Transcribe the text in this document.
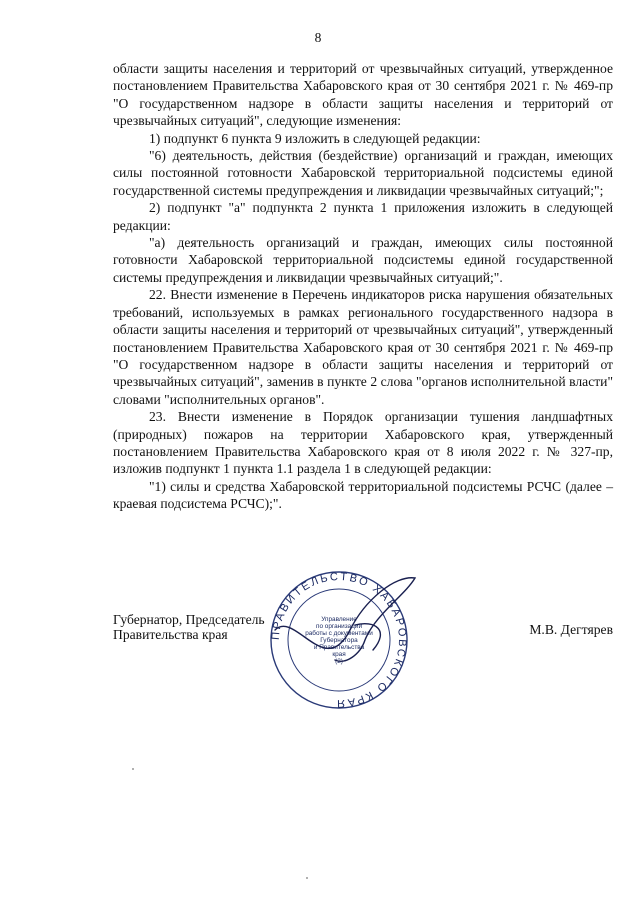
8

области защиты населения и территорий от чрезвычайных ситуаций, утвержденное постановлением Правительства Хабаровского края от 30 сентября 2021 г. № 469-пр "О государственном надзоре в области защиты населения и территорий от чрезвычайных ситуаций", следующие изменения:

1) подпункт 6 пункта 9 изложить в следующей редакции:

"6) деятельность, действия (бездействие) организаций и граждан, имеющих силы постоянной готовности Хабаровской территориальной подсистемы единой государственной системы предупреждения и ликвидации чрезвычайных ситуаций;";

2) подпункт "а" подпункта 2 пункта 1 приложения изложить в следующей редакции:

"а) деятельность организаций и граждан, имеющих силы постоянной готовности Хабаровской территориальной подсистемы единой государственной системы предупреждения и ликвидации чрезвычайных ситуаций;".

22. Внести изменение в Перечень индикаторов риска нарушения обязательных требований, используемых в рамках регионального государственного надзора в области защиты населения и территорий от чрезвычайных ситуаций", утвержденный постановлением Правительства Хабаровского края от 30 сентября 2021 г. № 469-пр "О государственном надзоре в области защиты населения и территорий от чрезвычайных ситуаций", заменив в пункте 2 слова "органов исполнительной власти" словами "исполнительных органов".

23. Внести изменение в Порядок организации тушения ландшафтных (природных) пожаров на территории Хабаровского края, утвержденный постановлением Правительства Хабаровского края от 8 июля 2022 г. № 327-пр, изложив подпункт 1 пункта 1.1 раздела 1 в следующей редакции:

"1) силы и средства Хабаровской территориальной подсистемы РСЧС (далее – краевая подсистема РСЧС);".

Губернатор, Председатель

Правительства края	М.В. Дегтярев
ПРАВИТЕЛЬСТВО ХАБАРОВСКОГО КРАЯ
Управление
по организации
работы с документами
Губернатора
и Правительства
края
(2)
